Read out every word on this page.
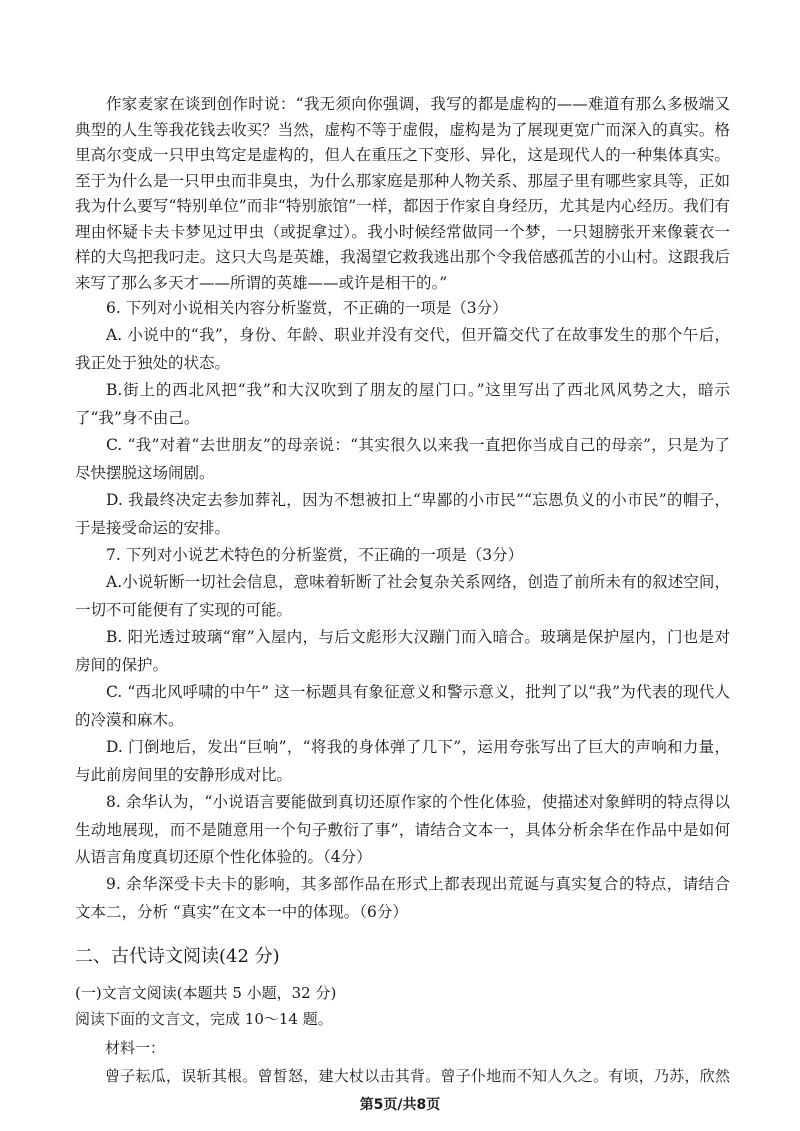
作家麦家在谈到创作时说：“我无须向你强调，我写的都是虚构的——难道有那么多极端又典型的人生等我花钱去收买？当然，虚构不等于虚假，虚构是为了展现更宽广而深入的真实。格里高尔变成一只甲虫笃定是虚构的，但人在重压之下变形、异化，这是现代人的一种集体真实。至于为什么是一只甲虫而非臭虫，为什么那家庭是那种人物关系、那屋子里有哪些家具等，正如我为什么要写“特别单位”而非“特别旅馆”一样，都因于作家自身经历，尤其是内心经历。我们有理由怀疑卡夫卡梦见过甲虫（或捉拿过）。我小时候经常做同一个梦，一只翅膀张开来像蓑衣一样的大鸟把我叼走。这只大鸟是英雄，我渴望它救我逃出那个令我倍感孤苦的小山村。这跟我后来写了那么多天才——所谓的英雄——或许是相干的。”

6. 下列对小说相关内容分析鉴赏，不正确的一项是（3分）

A. 小说中的“我”，身份、年龄、职业并没有交代，但开篇交代了在故事发生的那个午后，我正处于独处的状态。

B.街上的西北风把“我”和大汉吹到了朋友的屋门口。”这里写出了西北风风势之大，暗示了“我”身不由己。

C. “我”对着“去世朋友”的母亲说：“其实很久以来我一直把你当成自己的母亲”，只是为了尽快摆脱这场闹剧。

D. 我最终决定去参加葬礼，因为不想被扣上“卑鄙的小市民”“忘恩负义的小市民”的帽子，于是接受命运的安排。

7. 下列对小说艺术特色的分析鉴赏，不正确的一项是（3分）

A.小说斩断一切社会信息，意味着斩断了社会复杂关系网络，创造了前所未有的叙述空间，一切不可能便有了实现的可能。

B. 阳光透过玻璃“窜”入屋内，与后文彪形大汉蹦门而入暗合。玻璃是保护屋内，门也是对房间的保护。

C. “西北风呼啸的中午” 这一标题具有象征意义和警示意义，批判了以“我”为代表的现代人的冷漠和麻木。

D. 门倒地后，发出“巨响”，“将我的身体弹了几下”，运用夸张写出了巨大的声响和力量，与此前房间里的安静形成对比。

8. 余华认为，“小说语言要能做到真切还原作家的个性化体验，使描述对象鲜明的特点得以生动地展现，而不是随意用一个句子敷衍了事”，请结合文本一，具体分析余华在作品中是如何从语言角度真切还原个性化体验的。（4分）

9. 余华深受卡夫卡的影响，其多部作品在形式上都表现出荒诞与真实复合的特点，请结合文本二，分析 “真实”在文本一中的体现。（6分）

二、古代诗文阅读(42 分)

(一)文言文阅读(本题共 5 小题，32 分)

阅读下面的文言文，完成 10～14 题。

材料一：

曾子耘瓜，误斩其根。曾皙怒，建大杖以击其背。曾子仆地而不知人久之。有顷，乃苏，欣然

第5页/共8页
